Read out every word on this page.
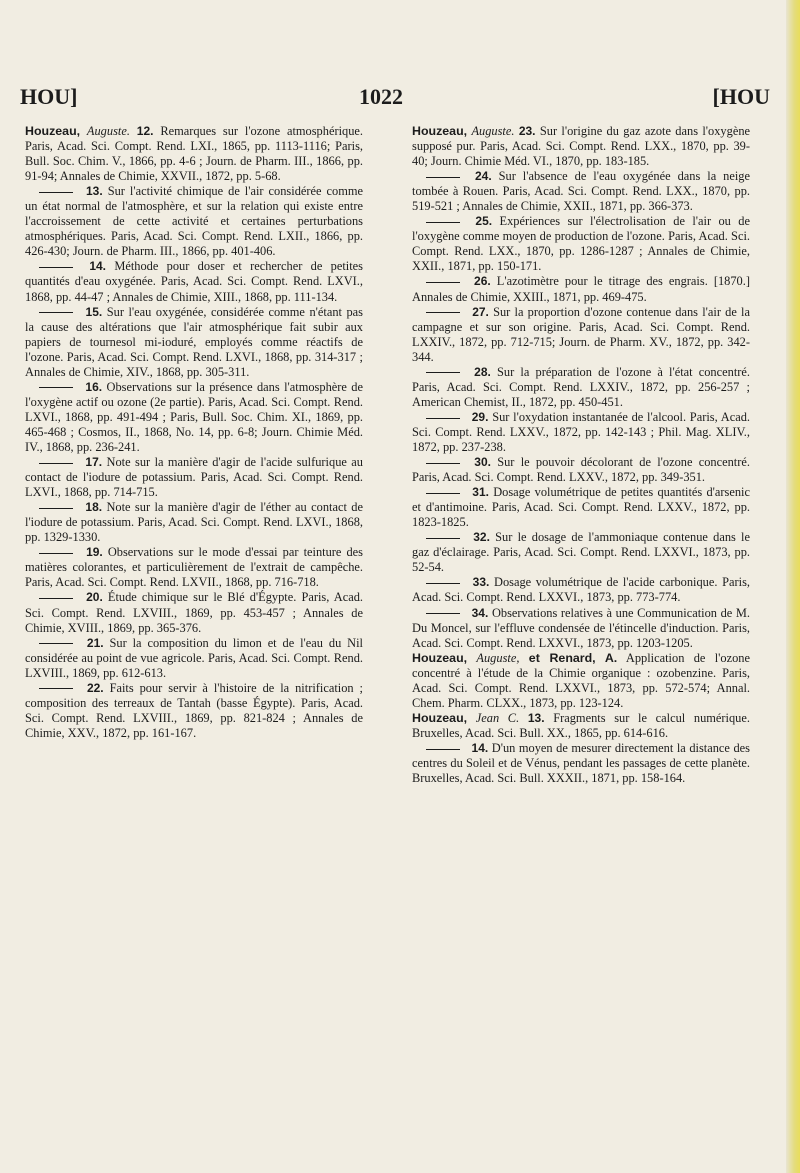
HOU]	1022	[HOU

Houzeau, Auguste. 12. Remarques sur l'ozone atmosphérique. Paris, Acad. Sci. Compt. Rend. LXI., 1865, pp. 1113-1116; Paris, Bull. Soc. Chim. V., 1866, pp. 4-6 ; Journ. de Pharm. III., 1866, pp. 91-94; Annales de Chimie, XXVII., 1872, pp. 5-68.

13. Sur l'activité chimique de l'air considérée comme un état normal de l'atmosphère, et sur la relation qui existe entre l'accroissement de cette activité et certaines perturbations atmosphériques. Paris, Acad. Sci. Compt. Rend. LXII., 1866, pp. 426-430; Journ. de Pharm. III., 1866, pp. 401-406.

14. Méthode pour doser et rechercher de petites quantités d'eau oxygénée. Paris, Acad. Sci. Compt. Rend. LXVI., 1868, pp. 44-47 ; Annales de Chimie, XIII., 1868, pp. 111-134.

15. Sur l'eau oxygénée, considérée comme n'étant pas la cause des altérations que l'air atmosphérique fait subir aux papiers de tournesol mi-ioduré, employés comme réactifs de l'ozone. Paris, Acad. Sci. Compt. Rend. LXVI., 1868, pp. 314-317 ; Annales de Chimie, XIV., 1868, pp. 305-311.

16. Observations sur la présence dans l'atmosphère de l'oxygène actif ou ozone (2e partie). Paris, Acad. Sci. Compt. Rend. LXVI., 1868, pp. 491-494 ; Paris, Bull. Soc. Chim. XI., 1869, pp. 465-468 ; Cosmos, II., 1868, No. 14, pp. 6-8; Journ. Chimie Méd. IV., 1868, pp. 236-241.

17. Note sur la manière d'agir de l'acide sulfurique au contact de l'iodure de potassium. Paris, Acad. Sci. Compt. Rend. LXVI., 1868, pp. 714-715.

18. Note sur la manière d'agir de l'éther au contact de l'iodure de potassium. Paris, Acad. Sci. Compt. Rend. LXVI., 1868, pp. 1329-1330.

19. Observations sur le mode d'essai par teinture des matières colorantes, et particulièrement de l'extrait de campêche. Paris, Acad. Sci. Compt. Rend. LXVII., 1868, pp. 716-718.

20. Étude chimique sur le Blé d'Égypte. Paris, Acad. Sci. Compt. Rend. LXVIII., 1869, pp. 453-457 ; Annales de Chimie, XVIII., 1869, pp. 365-376.

21. Sur la composition du limon et de l'eau du Nil considérée au point de vue agricole. Paris, Acad. Sci. Compt. Rend. LXVIII., 1869, pp. 612-613.

22. Faits pour servir à l'histoire de la nitrification ; composition des terreaux de Tantah (basse Égypte). Paris, Acad. Sci. Compt. Rend. LXVIII., 1869, pp. 821-824 ; Annales de Chimie, XXV., 1872, pp. 161-167.

Houzeau, Auguste. 23. Sur l'origine du gaz azote dans l'oxygène supposé pur. Paris, Acad. Sci. Compt. Rend. LXX., 1870, pp. 39-40; Journ. Chimie Méd. VI., 1870, pp. 183-185.

24. Sur l'absence de l'eau oxygénée dans la neige tombée à Rouen. Paris, Acad. Sci. Compt. Rend. LXX., 1870, pp. 519-521 ; Annales de Chimie, XXII., 1871, pp. 366-373.

25. Expériences sur l'électrolisation de l'air ou de l'oxygène comme moyen de production de l'ozone. Paris, Acad. Sci. Compt. Rend. LXX., 1870, pp. 1286-1287 ; Annales de Chimie, XXII., 1871, pp. 150-171.

26. L'azotimètre pour le titrage des engrais. [1870.] Annales de Chimie, XXIII., 1871, pp. 469-475.

27. Sur la proportion d'ozone contenue dans l'air de la campagne et sur son origine. Paris, Acad. Sci. Compt. Rend. LXXIV., 1872, pp. 712-715; Journ. de Pharm. XV., 1872, pp. 342-344.

28. Sur la préparation de l'ozone à l'état concentré. Paris, Acad. Sci. Compt. Rend. LXXIV., 1872, pp. 256-257 ; American Chemist, II., 1872, pp. 450-451.

29. Sur l'oxydation instantanée de l'alcool. Paris, Acad. Sci. Compt. Rend. LXXV., 1872, pp. 142-143 ; Phil. Mag. XLIV., 1872, pp. 237-238.

30. Sur le pouvoir décolorant de l'ozone concentré. Paris, Acad. Sci. Compt. Rend. LXXV., 1872, pp. 349-351.

31. Dosage volumétrique de petites quantités d'arsenic et d'antimoine. Paris, Acad. Sci. Compt. Rend. LXXV., 1872, pp. 1823-1825.

32. Sur le dosage de l'ammoniaque contenue dans le gaz d'éclairage. Paris, Acad. Sci. Compt. Rend. LXXVI., 1873, pp. 52-54.

33. Dosage volumétrique de l'acide carbonique. Paris, Acad. Sci. Compt. Rend. LXXVI., 1873, pp. 773-774.

34. Observations relatives à une Communication de M. Du Moncel, sur l'effluve condensée de l'étincelle d'induction. Paris, Acad. Sci. Compt. Rend. LXXVI., 1873, pp. 1203-1205.

Houzeau, Auguste, et Renard, A. Application de l'ozone concentré à l'étude de la Chimie organique : ozobenzine. Paris, Acad. Sci. Compt. Rend. LXXVI., 1873, pp. 572-574; Annal. Chem. Pharm. CLXX., 1873, pp. 123-124.

Houzeau, Jean C. 13. Fragments sur le calcul numérique. Bruxelles, Acad. Sci. Bull. XX., 1865, pp. 614-616.

14. D'un moyen de mesurer directement la distance des centres du Soleil et de Vénus, pendant les passages de cette planète. Bruxelles, Acad. Sci. Bull. XXXII., 1871, pp. 158-164.
